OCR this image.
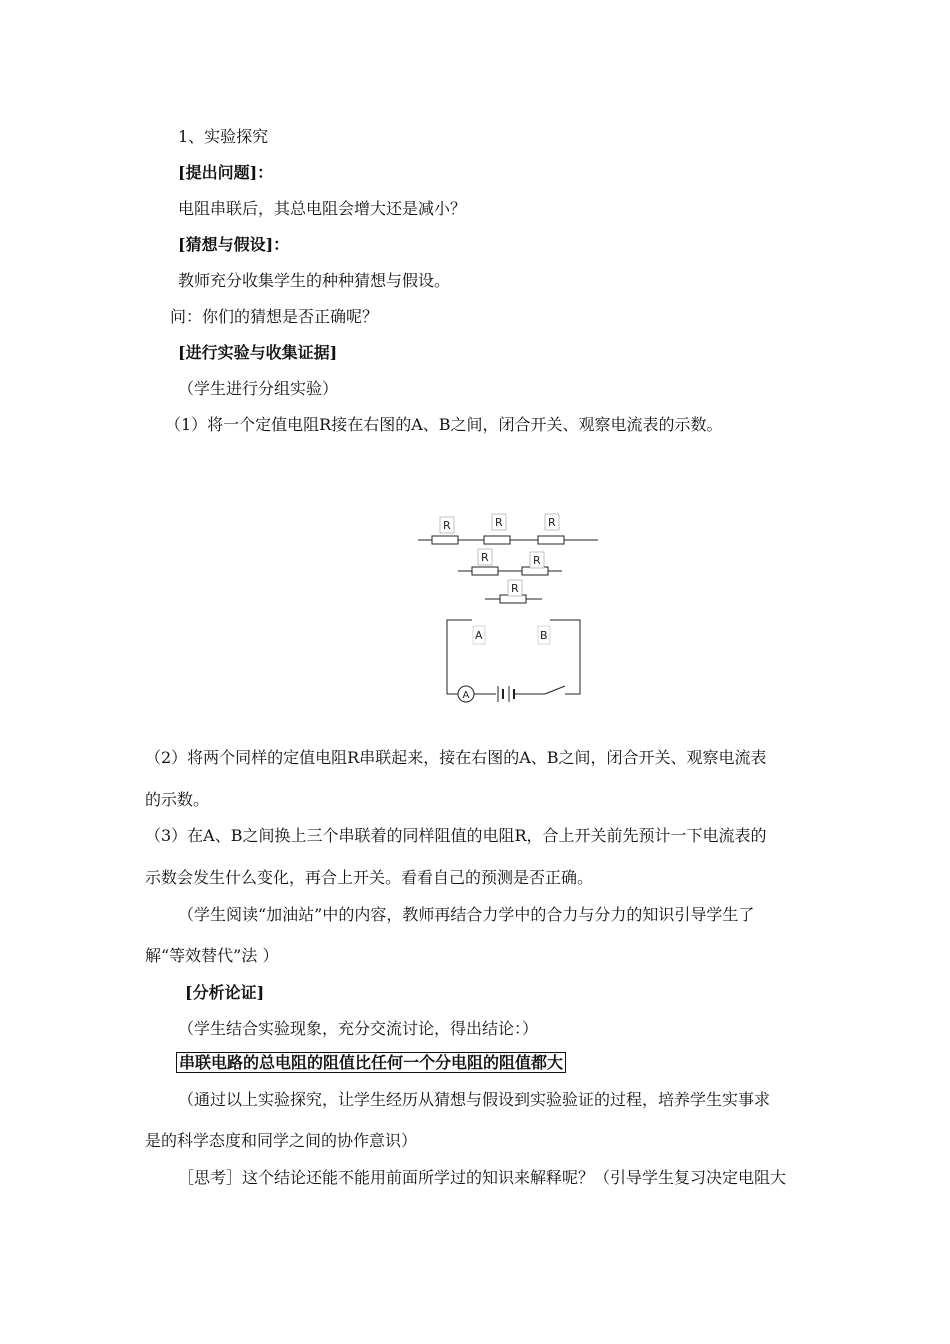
1、实验探究
[提出问题]：
电阻串联后，其总电阻会增大还是减小？
[猜想与假设]：
教师充分收集学生的种种猜想与假设。
问：你们的猜想是否正确呢？
[进行实验与收集证据]
（学生进行分组实验）
（1）将一个定值电阻R接在右图的A、B之间，闭合开关、观察电流表的示数。
R	R	R
R	R
R
A	B
A
（2）将两个同样的定值电阻R串联起来，接在右图的A、B之间，闭合开关、观察电流表
的示数。
（3）在A、B之间换上三个串联着的同样阻值的电阻R，合上开关前先预计一下电流表的
示数会发生什么变化，再合上开关。看看自己的预测是否正确。
（学生阅读“加油站”中的内容，教师再结合力学中的合力与分力的知识引导学生了
解“等效替代”法 ）
[分析论证]
（学生结合实验现象，充分交流讨论，得出结论：）
串联电路的总电阻的阻值比任何一个分电阻的阻值都大
（通过以上实验探究，让学生经历从猜想与假设到实验验证的过程，培养学生实事求
是的科学态度和同学之间的协作意识）
［思考］这个结论还能不能用前面所学过的知识来解释呢？（引导学生复习决定电阻大
